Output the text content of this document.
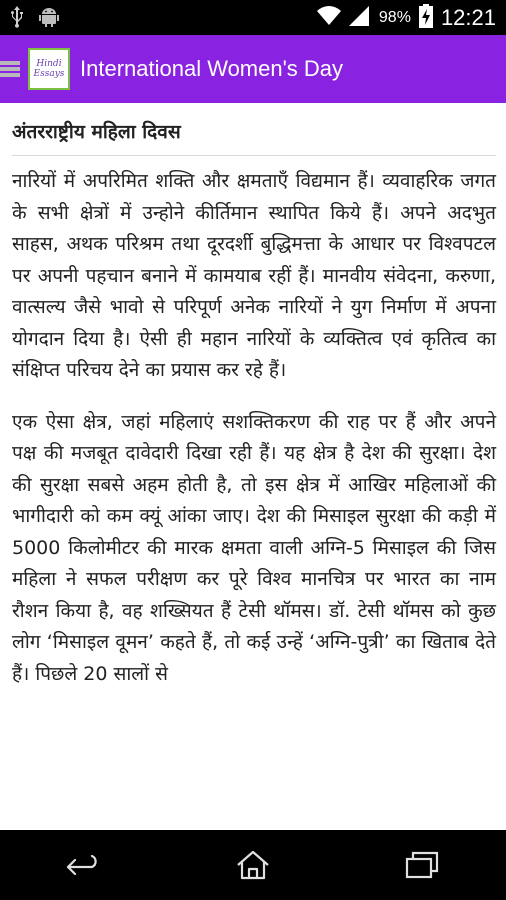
98% 12:21
Hindi
Essays International Women's Day
अंतरराष्ट्रीय महिला दिवस

नारियों में अपरिमित शक्ति और क्षमताएँ विद्यमान हैं। व्यवाहरिक जगत के सभी क्षेत्रों में उन्होने कीर्तिमान स्थापित किये हैं। अपने अदभुत साहस, अथक परिश्रम तथा दूरदर्शी बुद्धिमत्ता के आधार पर विश्वपटल पर अपनी पहचान बनाने में कामयाब रहीं हैं। मानवीय संवेदना, करुणा, वात्सल्य जैसे भावो से परिपूर्ण अनेक नारियों ने युग निर्माण में अपना योगदान दिया है। ऐसी ही महान नारियों के व्यक्तित्व एवं कृतित्व का संक्षिप्त परिचय देने का प्रयास कर रहे हैं।

एक ऐसा क्षेत्र, जहां महिलाएं सशक्तिकरण की राह पर हैं और अपने पक्ष की मजबूत दावेदारी दिखा रही हैं। यह क्षेत्र है देश की सुरक्षा। देश की सुरक्षा सबसे अहम होती है, तो इस क्षेत्र में आखिर महिलाओं की भागीदारी को कम क्यूं आंका जाए। देश की मिसाइल सुरक्षा की कड़ी में 5000 किलोमीटर की मारक क्षमता वाली अग्नि-5 मिसाइल की जिस महिला ने सफल परीक्षण कर पूरे विश्व मानचित्र पर भारत का नाम रौशन किया है, वह शख्सियत हैं टेसी थॉमस। डॉ. टेसी थॉमस को कुछ लोग ‘मिसाइल वूमन’ कहते हैं, तो कई उन्हें ‘अग्नि-पुत्री’ का खिताब देते हैं। पिछले 20 सालों से
